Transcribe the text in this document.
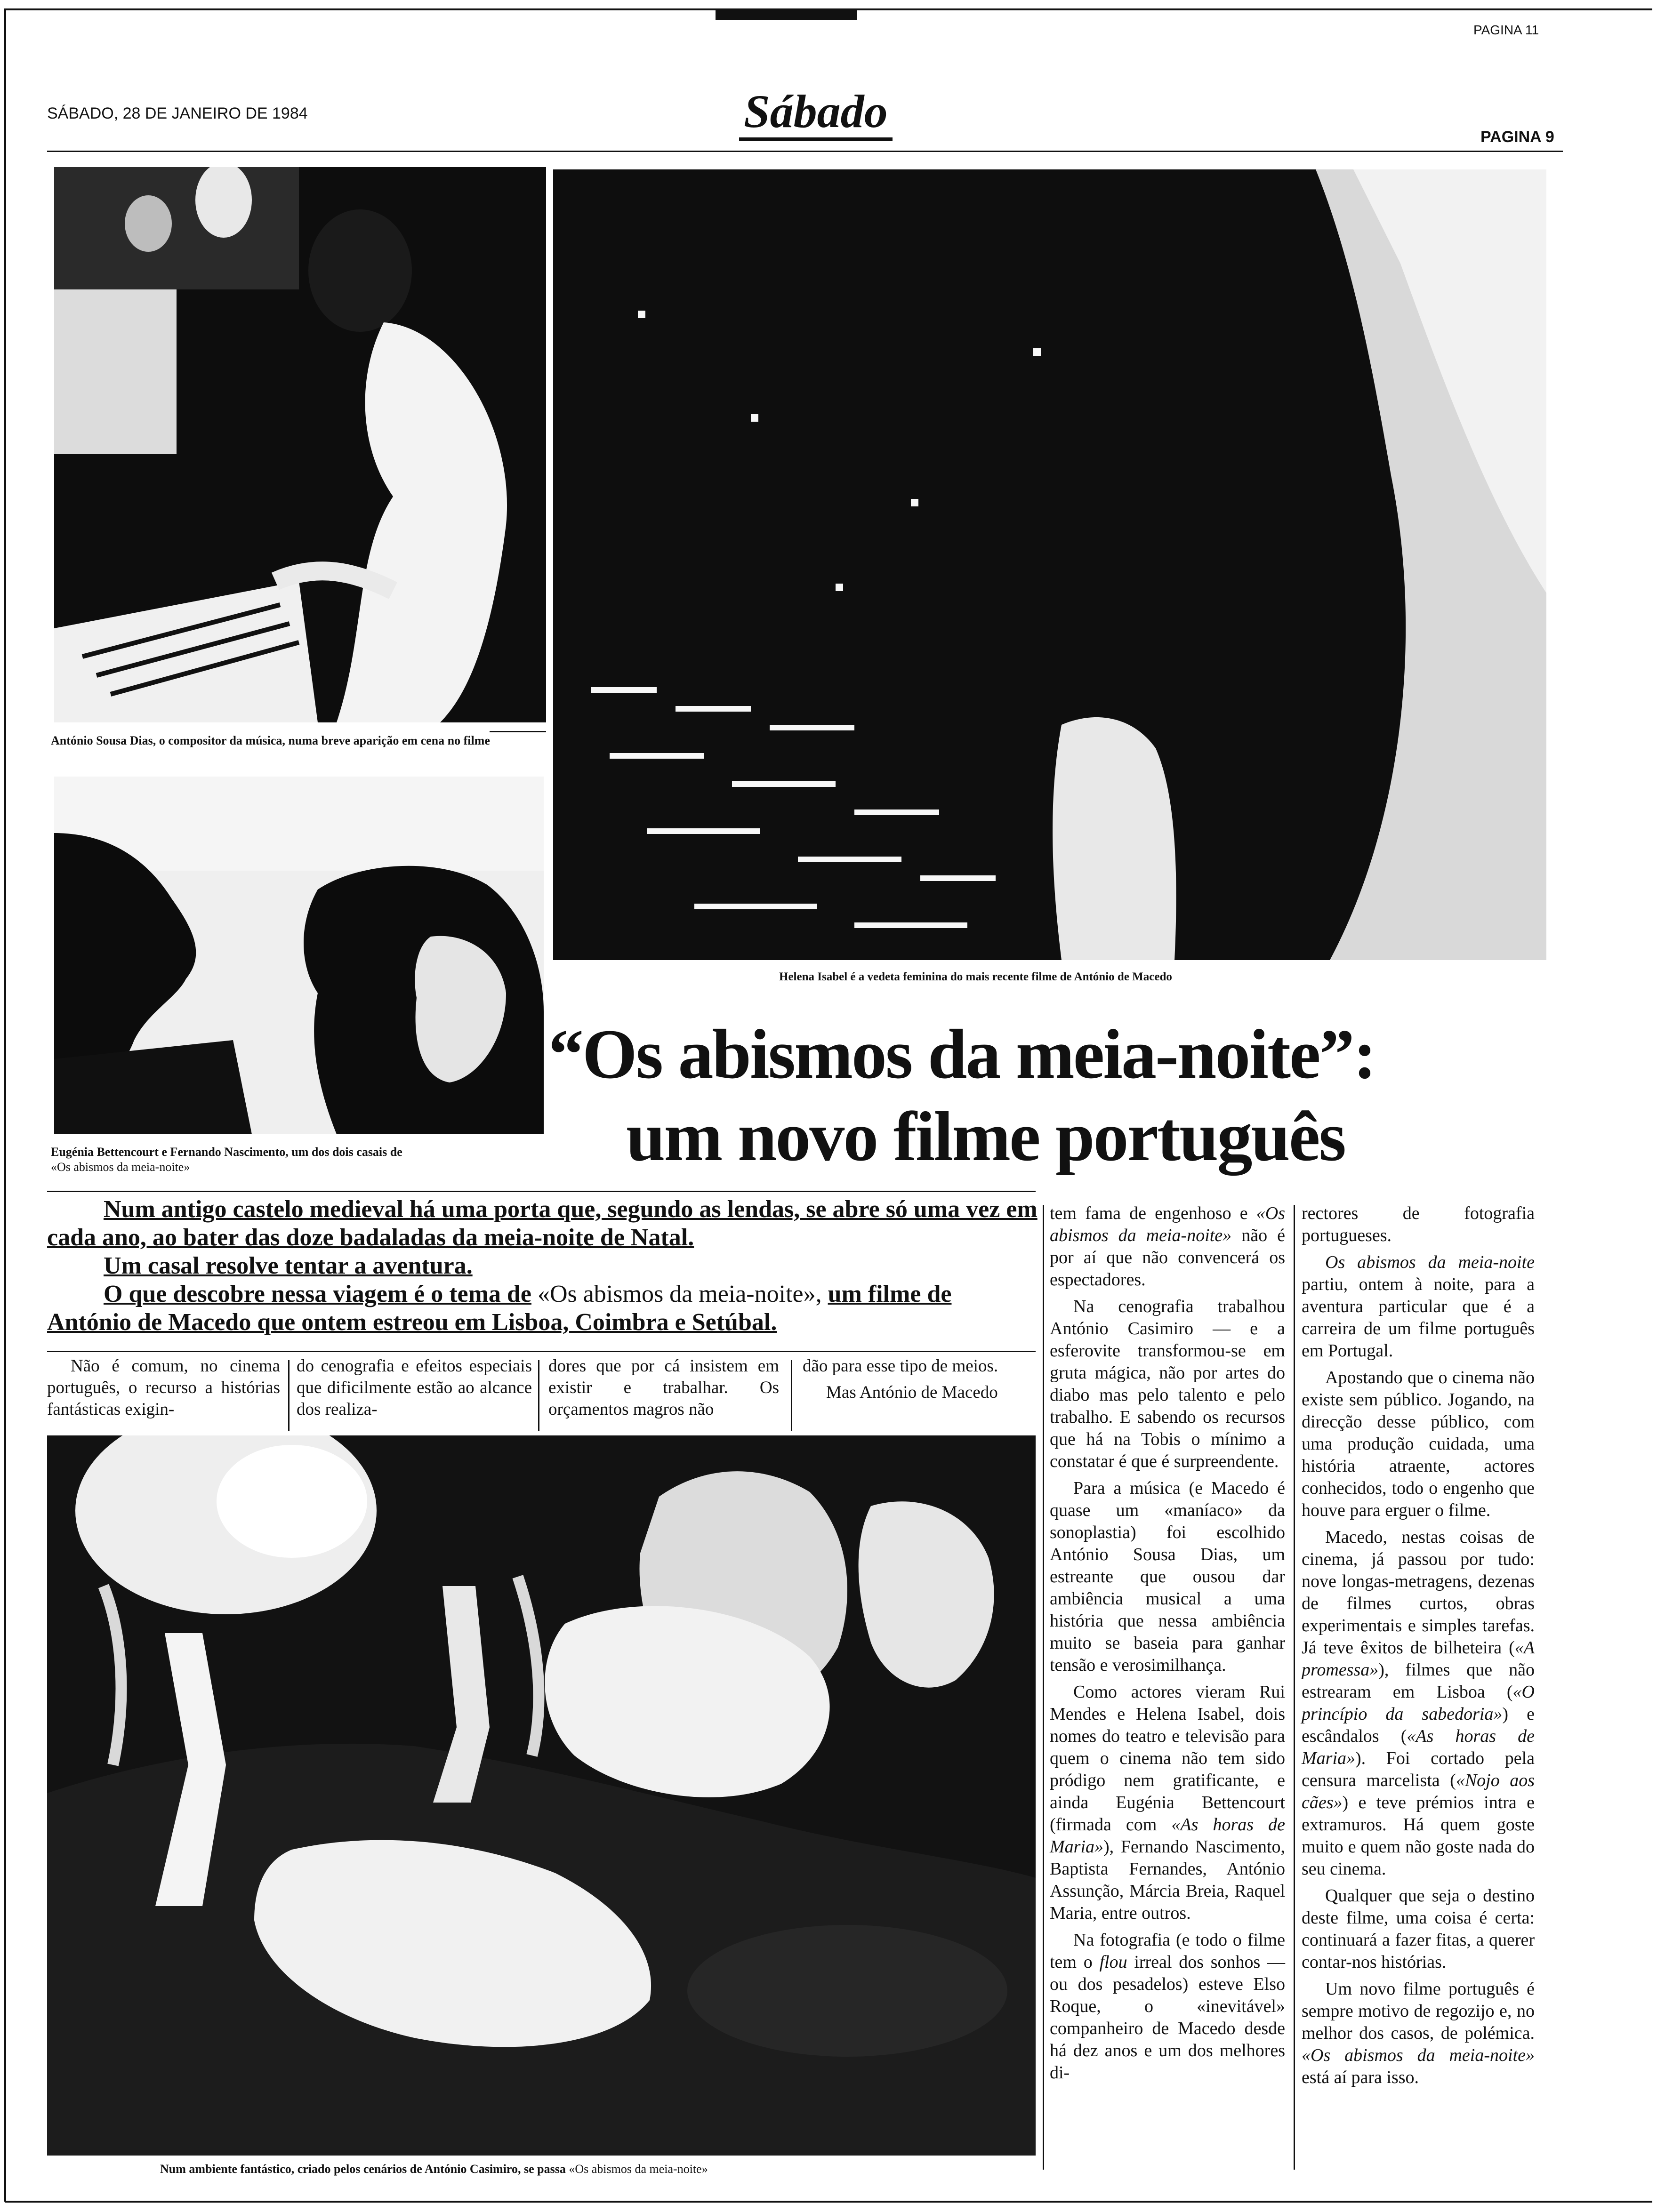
PAGINA 11
SÁBADO, 28 DE JANEIRO DE 1984	Sábado	PAGINA 9
António Sousa Dias, o compositor da música, numa breve aparição em cena no filme
Eugénia Bettencourt e Fernando Nascimento, um dos dois casais de
«Os abismos da meia-noite»
Helena Isabel é a vedeta feminina do mais recente filme de António de Macedo
“Os abismos da meia-noite”:
um novo filme português

Num antigo castelo medieval há uma porta que, segundo as lendas, se abre só uma vez em cada ano, ao bater das doze badaladas da meia-noite de Natal.

Um casal resolve tentar a aventura.

O que descobre nessa viagem é o tema de «Os abismos da meia-noite», um filme de António de Macedo que ontem estreou em Lisboa, Coimbra e Setúbal.

Não é comum, no cinema português, o recurso a histórias fantásticas exigin-

do cenografia e efeitos especiais que dificilmente estão ao alcance dos realiza-

dores que por cá insistem em existir e trabalhar. Os orçamentos magros não

dão para esse tipo de meios.

Mas António de Macedo

Num ambiente fantástico, criado pelos cenários de António Casimiro, se passa «Os abismos da meia-noite»

tem fama de engenhoso e «Os abismos da meia-noite» não é por aí que não convencerá os espectadores.

Na cenografia trabalhou António Casimiro — e a esferovite transformou-se em gruta mágica, não por artes do diabo mas pelo talento e pelo trabalho. E sabendo os recursos que há na Tobis o mínimo a constatar é que é surpreendente.

Para a música (e Macedo é quase um «maníaco» da sonoplastia) foi escolhido António Sousa Dias, um estreante que ousou dar ambiência musical a uma história que nessa ambiência muito se baseia para ganhar tensão e verosimilhança.

Como actores vieram Rui Mendes e Helena Isabel, dois nomes do teatro e televisão para quem o cinema não tem sido pródigo nem gratificante, e ainda Eugénia Bettencourt (firmada com «As horas de Maria»), Fernando Nascimento, Baptista Fernandes, António Assunção, Márcia Breia, Raquel Maria, entre outros.

Na fotografia (e todo o filme tem o flou irreal dos sonhos — ou dos pesadelos) esteve Elso Roque, o «inevitável» companheiro de Macedo desde há dez anos e um dos melhores di-

rectores de fotografia portugueses.

Os abismos da meia-noite partiu, ontem à noite, para a aventura particular que é a carreira de um filme português em Portugal.

Apostando que o cinema não existe sem público. Jogando, na direcção desse público, com uma produção cuidada, uma história atraente, actores conhecidos, todo o engenho que houve para erguer o filme.

Macedo, nestas coisas de cinema, já passou por tudo: nove longas-metragens, dezenas de filmes curtos, obras experimentais e simples tarefas. Já teve êxitos de bilheteira («A promessa»), filmes que não estrearam em Lisboa («O princípio da sabedoria») e escândalos («As horas de Maria»). Foi cortado pela censura marcelista («Nojo aos cães») e teve prémios intra e extramuros. Há quem goste muito e quem não goste nada do seu cinema.

Qualquer que seja o destino deste filme, uma coisa é certa: continuará a fazer fitas, a querer contar-nos histórias.

Um novo filme português é sempre motivo de regozijo e, no melhor dos casos, de polémica. «Os abismos da meia-noite» está aí para isso.
